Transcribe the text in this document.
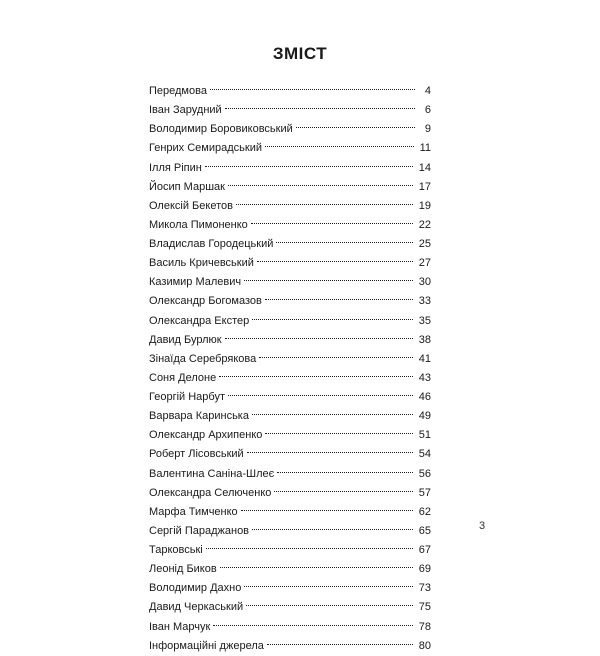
ЗМІСТ
Передмова	4
Іван Зарудний	6
Володимир Боровиковський	9
Генрих Семирадський	11
Ілля Рiпин	14
Йосип Маршак	17
Олексій Бекетов	19
Микола Пимоненко	22
Владислав Городецький	25
Василь Кричевський	27
Казимир Малевич	30
Олександр Богомазов	33
Олександра Екстер	35
Давид Бурлюк	38
Зінаїда Серебрякова	41
Соня Делоне	43
Георгій Нарбут	46
Варвара Каринська	49
Олександр Архипенко	51
Роберт Лісовський	54
Валентина Саніна-Шлеє	56
Олександра Селюченко	57
Марфа Тимченко	62
Сергій Параджанов	65
Тарковські	67
Леонід Биков	69
Володимир Дахно	73
Давид Черкаський	75
Іван Марчук	78
Інформаційні джерела	80
3
